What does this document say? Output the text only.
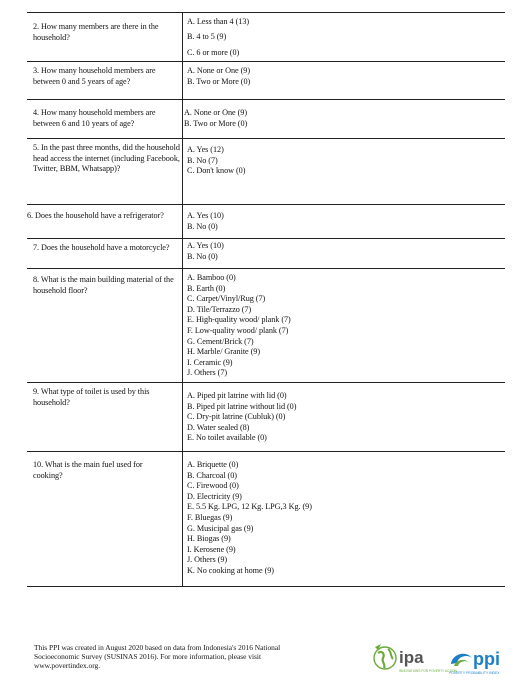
2. How many members are there in the household?
A. Less than 4 (13)
B. 4 to 5 (9)
C. 6 or more (0)
3. How many household members are between 0 and 5 years of age?
A. None or One (9)
B. Two or More (0)
4. How many household members are between 6 and 10 years of age?
A. None or One (9)
B. Two or More (0)
5. In the past three months, did the household head access the internet (including Facebook, Twitter, BBM, Whatsapp)?
A. Yes (12)
B. No (7)
C. Don't know (0)
6. Does the household have a refrigerator?	A. Yes (10)
B. No (0)
7. Does the household have a motorcycle?	A. Yes (10)
B. No (0)
8. What is the main building material of the household floor?
A. Bamboo (0)
B. Earth (0)
C. Carpet/Vinyl/Rug (7)
D. Tile/Terrazzo (7)
E. High-quality wood/ plank (7)
F. Low-quality wood/ plank (7)
G. Cement/Brick (7)
H. Marble/ Granite (9)
I. Ceramic (9)
J. Others (7)
9. What type of toilet is used by this household?
A. Piped pit latrine with lid (0)
B. Piped pit latrine without lid (0)
C. Dry-pit latrine (Cubluk) (0)
D. Water sealed (8)
E. No toilet available (0)
10. What is the main fuel used for cooking?
A. Briquette (0)
B. Charcoal (0)
C. Firewood (0)
D. Electricity (9)
E. 5.5 Kg. LPG, 12 Kg. LPG,3 Kg. (9)
F. Bluegas (9)
G. Musicipal gas (9)
H. Biogas (9)
I. Kerosene (9)
J. Others (9)
K. No cooking at home (9)
This PPI was created in August 2020 based on data from Indonesia's 2016 National Socioeconomic Survey (SUSINAS 2016). For more information, please visit www.povertindex.org.	ipa
INNOVATIONS FOR POVERTY ACTION
ppi
POVERTY PROBABILITY INDEX
